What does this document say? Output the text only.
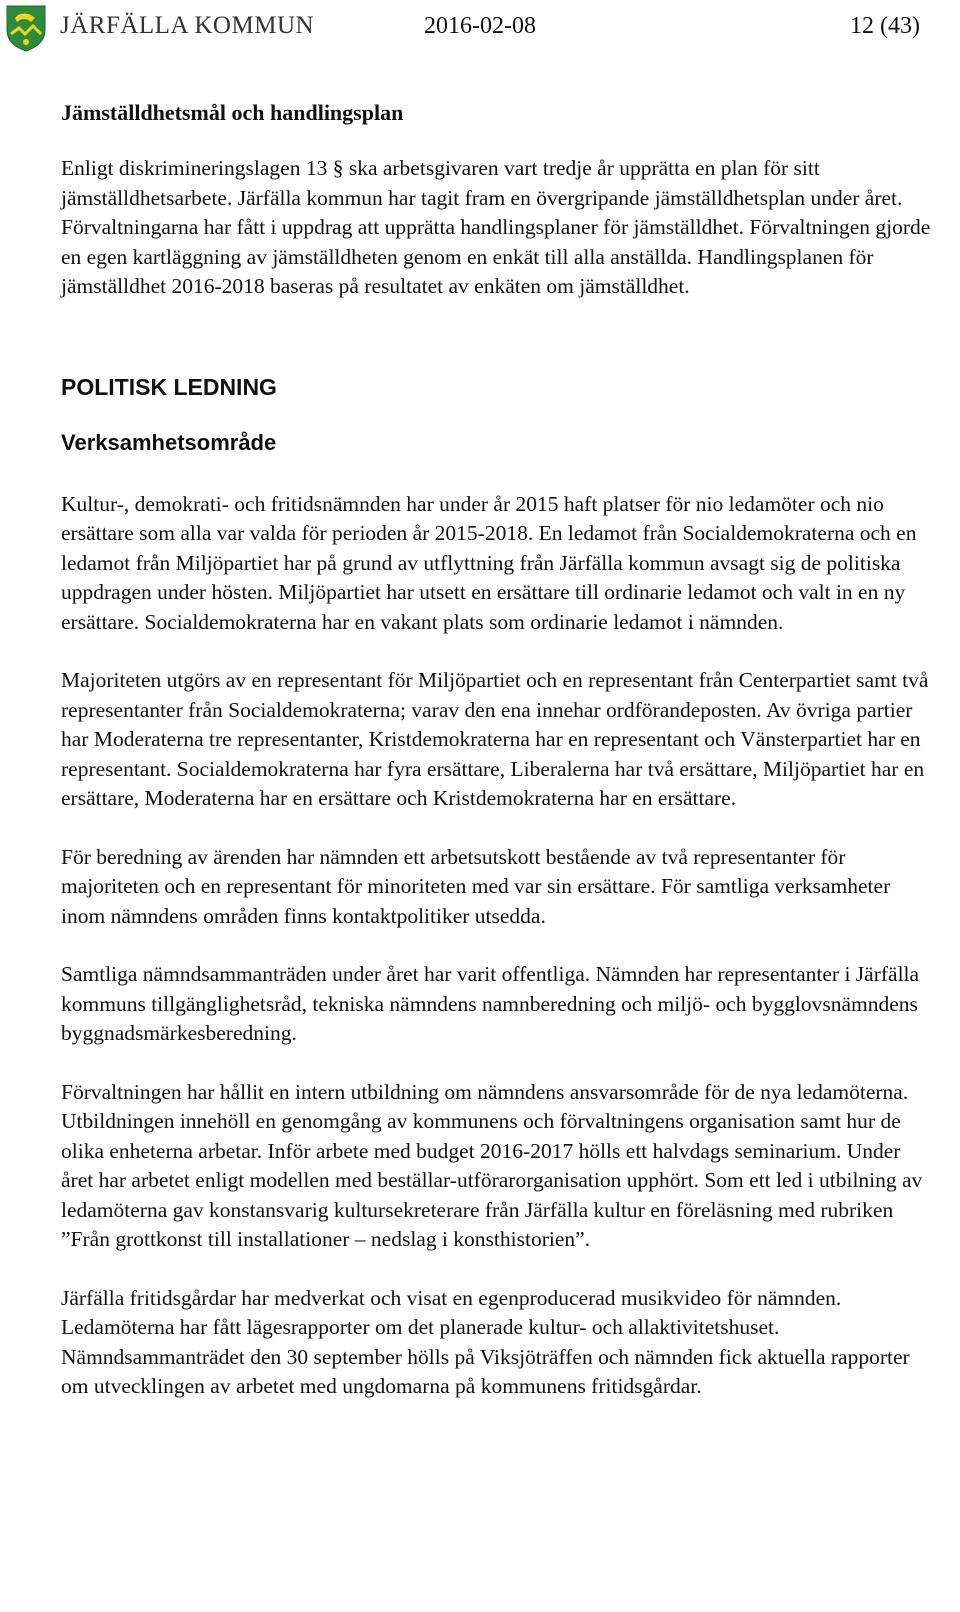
JÄRFÄLLA KOMMUN	2016-02-08	12 (43)
Jämställdhetsmål och handlingsplan

Enligt diskrimineringslagen 13 § ska arbetsgivaren vart tredje år upprätta en plan för sitt jämställdhetsarbete. Järfälla kommun har tagit fram en övergripande jämställdhetsplan under året. Förvaltningarna har fått i uppdrag att upprätta handlingsplaner för jämställdhet. Förvaltningen gjorde en egen kartläggning av jämställdheten genom en enkät till alla anställda. Handlingsplanen för jämställdhet 2016-2018 baseras på resultatet av enkäten om jämställdhet.

POLITISK LEDNING
Verksamhetsområde

Kultur-, demokrati- och fritidsnämnden har under år 2015 haft platser för nio ledamöter och nio ersättare som alla var valda för perioden år 2015-2018. En ledamot från Socialdemokraterna och en ledamot från Miljöpartiet har på grund av utflyttning från Järfälla kommun avsagt sig de politiska uppdragen under hösten. Miljöpartiet har utsett en ersättare till ordinarie ledamot och valt in en ny ersättare. Socialdemokraterna har en vakant plats som ordinarie ledamot i nämnden.

Majoriteten utgörs av en representant för Miljöpartiet och en representant från Centerpartiet samt två representanter från Socialdemokraterna; varav den ena innehar ordförandeposten. Av övriga partier har Moderaterna tre representanter, Kristdemokraterna har en representant och Vänsterpartiet har en representant. Socialdemokraterna har fyra ersättare, Liberalerna har två ersättare, Miljöpartiet har en ersättare, Moderaterna har en ersättare och Kristdemokraterna har en ersättare.

För beredning av ärenden har nämnden ett arbetsutskott bestående av två representanter för majoriteten och en representant för minoriteten med var sin ersättare. För samtliga verksamheter inom nämndens områden finns kontaktpolitiker utsedda.

Samtliga nämndsammanträden under året har varit offentliga. Nämnden har representanter i Järfälla kommuns tillgänglighetsråd, tekniska nämndens namnberedning och miljö- och bygglovsnämndens byggnadsmärkesberedning.

Förvaltningen har hållit en intern utbildning om nämndens ansvarsområde för de nya ledamöterna. Utbildningen innehöll en genomgång av kommunens och förvaltningens organisation samt hur de olika enheterna arbetar. Inför arbete med budget 2016-2017 hölls ett halvdags seminarium. Under året har arbetet enligt modellen med beställar-utförarorganisation upphört. Som ett led i utbilning av ledamöterna gav konstansvarig kultursekreterare från Järfälla kultur en föreläsning med rubriken ”Från grottkonst till installationer – nedslag i konsthistorien”.

Järfälla fritidsgårdar har medverkat och visat en egenproducerad musikvideo för nämnden. Ledamöterna har fått lägesrapporter om det planerade kultur- och allaktivitetshuset. Nämndsammanträdet den 30 september hölls på Viksjöträffen och nämnden fick aktuella rapporter om utvecklingen av arbetet med ungdomarna på kommunens fritidsgårdar.
